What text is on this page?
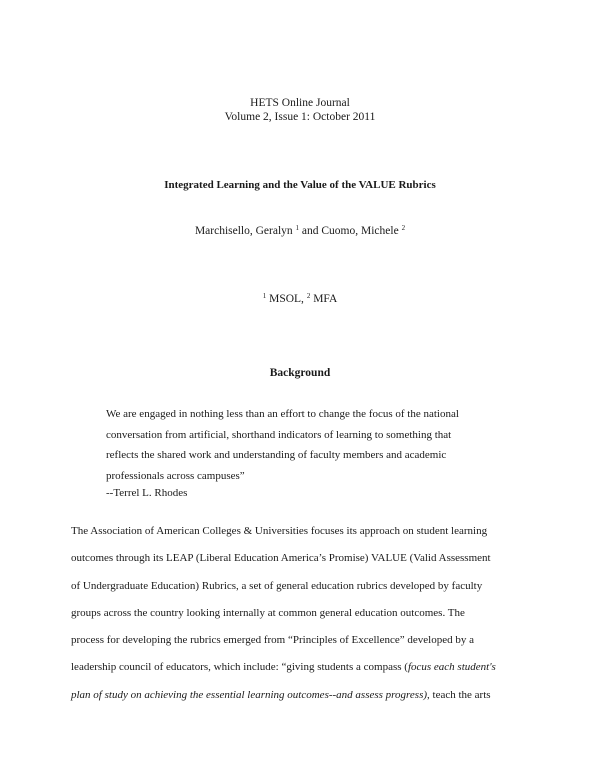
HETS Online Journal
Volume 2, Issue 1: October 2011
Integrated Learning and the Value of the VALUE Rubrics
Marchisello, Geralyn $^1$ and Cuomo, Michele $^2$
$^1$ MSOL, $^2$ MFA
Background
We are engaged in nothing less than an effort to change the focus of the national conversation from artificial, shorthand indicators of learning to something that reflects the shared work and understanding of faculty members and academic professionals across campuses”
--Terrel L. Rhodes
The Association of American Colleges & Universities focuses its approach on student learning
outcomes through its LEAP (Liberal Education America’s Promise) VALUE (Valid Assessment
of Undergraduate Education) Rubrics, a set of general education rubrics developed by faculty
groups across the country looking internally at common general education outcomes. The
process for developing the rubrics emerged from “Principles of Excellence” developed by a
leadership council of educators, which include: “giving students a compass (focus each student's
plan of study on achieving the essential learning outcomes--and assess progress), teach the arts
